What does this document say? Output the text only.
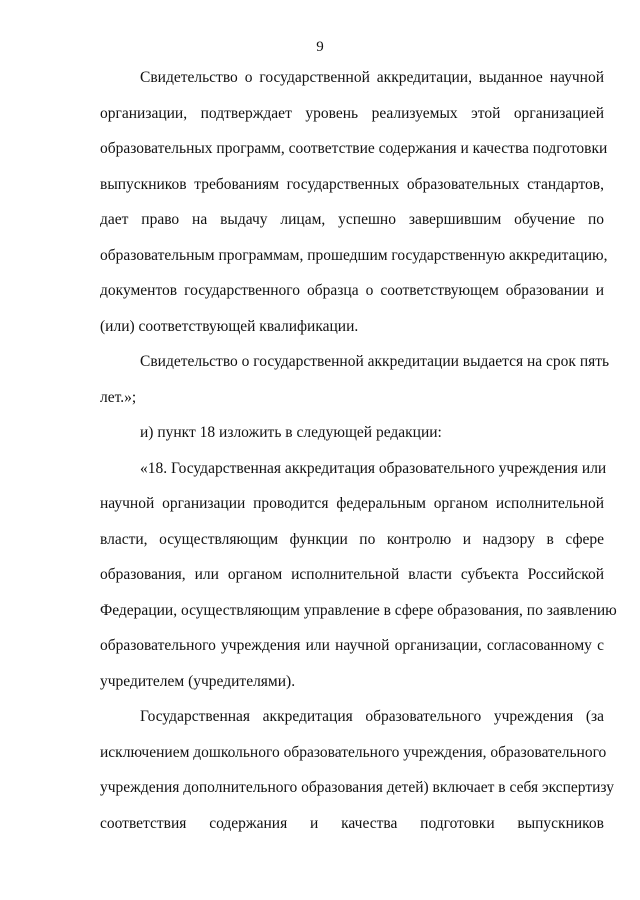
9
Свидетельство о государственной аккредитации, выданное научной
организации, подтверждает уровень реализуемых этой организацией
образовательных программ, соответствие содержания и качества подготовки
выпускников требованиям государственных образовательных стандартов,
дает право на выдачу лицам, успешно завершившим обучение по
образовательным программам, прошедшим государственную аккредитацию,
документов государственного образца о соответствующем образовании и
(или) соответствующей квалификации.
Свидетельство о государственной аккредитации выдается на срок пять
лет.»;
и) пункт 18 изложить в следующей редакции:
«18. Государственная аккредитация образовательного учреждения или
научной организации проводится федеральным органом исполнительной
власти, осуществляющим функции по контролю и надзору в сфере
образования, или органом исполнительной власти субъекта Российской
Федерации, осуществляющим управление в сфере образования, по заявлению
образовательного учреждения или научной организации, согласованному с
учредителем (учредителями).
Государственная аккредитация образовательного учреждения (за
исключением дошкольного образовательного учреждения, образовательного
учреждения дополнительного образования детей) включает в себя экспертизу
соответствия содержания и качества подготовки выпускников
